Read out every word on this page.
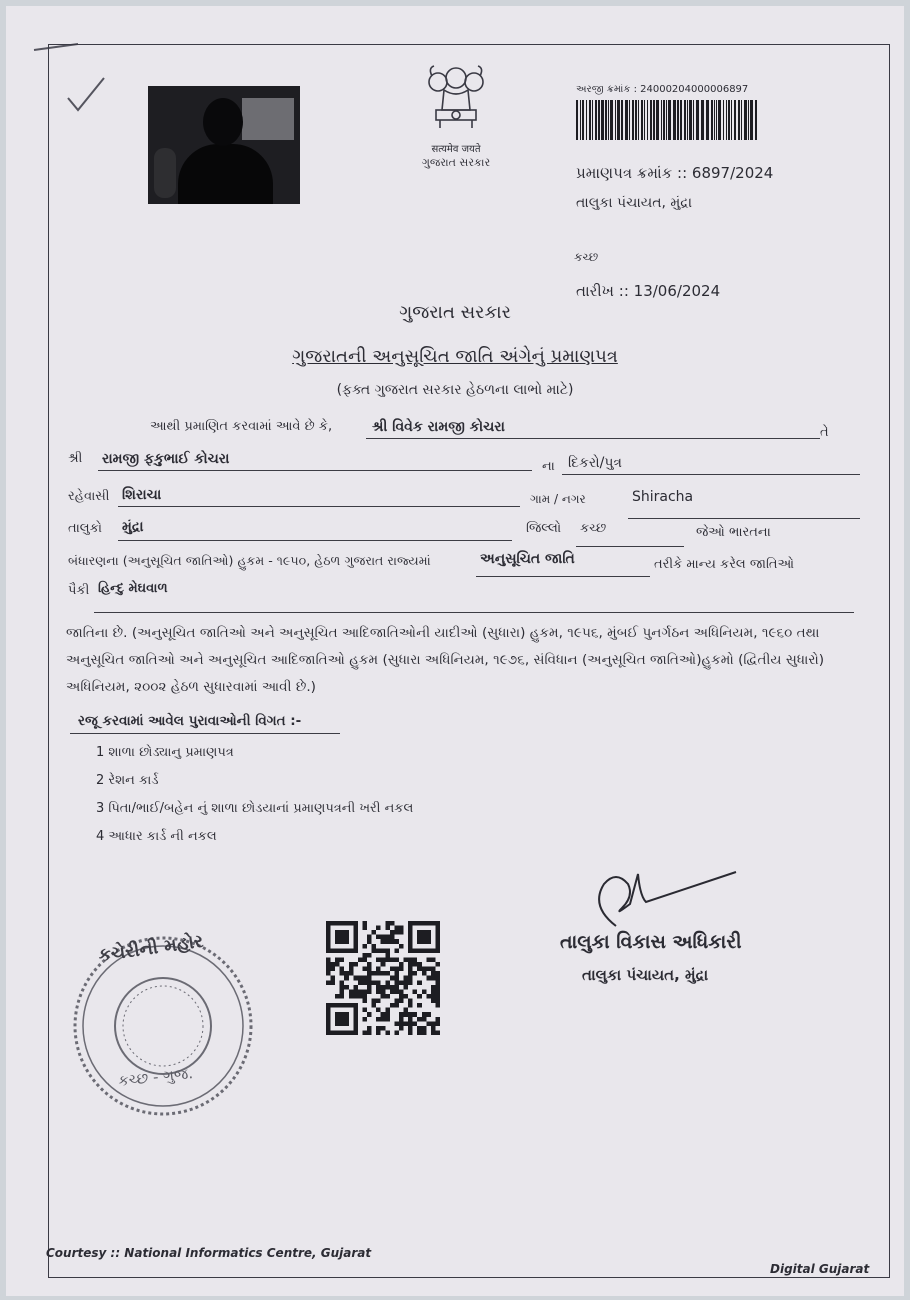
सत्यमेव जयते
ગુજરાત સરકાર
અરજી ક્રમાંક : 24000204000006897
પ્રમાણપત્ર ક્રમાંક :: 6897/2024
તાલુકા પંચાયત, મુંદ્રા
કચ્છ
તારીખ :: 13/06/2024
ગુજરાત સરકાર
ગુજરાતની અનુસૂચિત જાતિ અંગેનું પ્રમાણપત્ર
(ફક્ત ગુજરાત સરકાર હેઠળના લાભો માટે)
આથી પ્રમાણિત કરવામાં આવે છે કે,	શ્રી વિવેક રામજી કોચરા	તે
શ્રી રામજી ફકુભાઈ કોચરા	ના દિકરો/પુત્ર
રહેવાસી શિરાચા	ગામ / નગર	Shiracha
તાલુકો મુંદ્રા	જિલ્લો કચ્છ	જેઓ ભારતના
બંધારણના (અનુસૂચિત જાતિઓ) હુકમ - ૧૯૫૦, હેઠળ ગુજરાત રાજ્યમાં	અનુસૂચિત જાતિ	તરીકે માન્ય કરેલ જાતિઓ
પૈકી હિન્દુ મેઘવાળ
જાતિના છે. (અનુસૂચિત જાતિઓ અને અનુસૂચિત આદિજાતિઓની યાદીઓ (સુધારા) હુકમ, ૧૯૫૬, મુંબઈ પુનર્ગઠન અધિનિયમ, ૧૯૬૦ તથા
અનુસૂચિત જાતિઓ અને અનુસૂચિત આદિજાતિઓ હુકમ (સુધારા અધિનિયમ, ૧૯૭૬, સંવિધાન (અનુસૂચિત જાતિઓ)હુકમો (દ્વિતીય સુધારો)
અધિનિયમ, ૨૦૦૨ હેઠળ સુધારવામાં આવી છે.)
રજૂ કરવામાં આવેલ પુરાવાઓની વિગત :-
1 શાળા છોડ્યાનુ પ્રમાણપત્ર
2 રેશન કાર્ડ
3 પિતા/ભાઈ/બહેન નું શાળા છોડયાનાં પ્રમાણપત્રની ખરી નકલ
4 આધાર કાર્ડ ની નકલ
કચેરીની મહોર
કચ્છ - ગુજ.
તાલુકા વિકાસ અધિકારી
તાલુકા પંચાયત, મુંદ્રા
Courtesy :: National Informatics Centre, Gujarat
Digital Gujarat
